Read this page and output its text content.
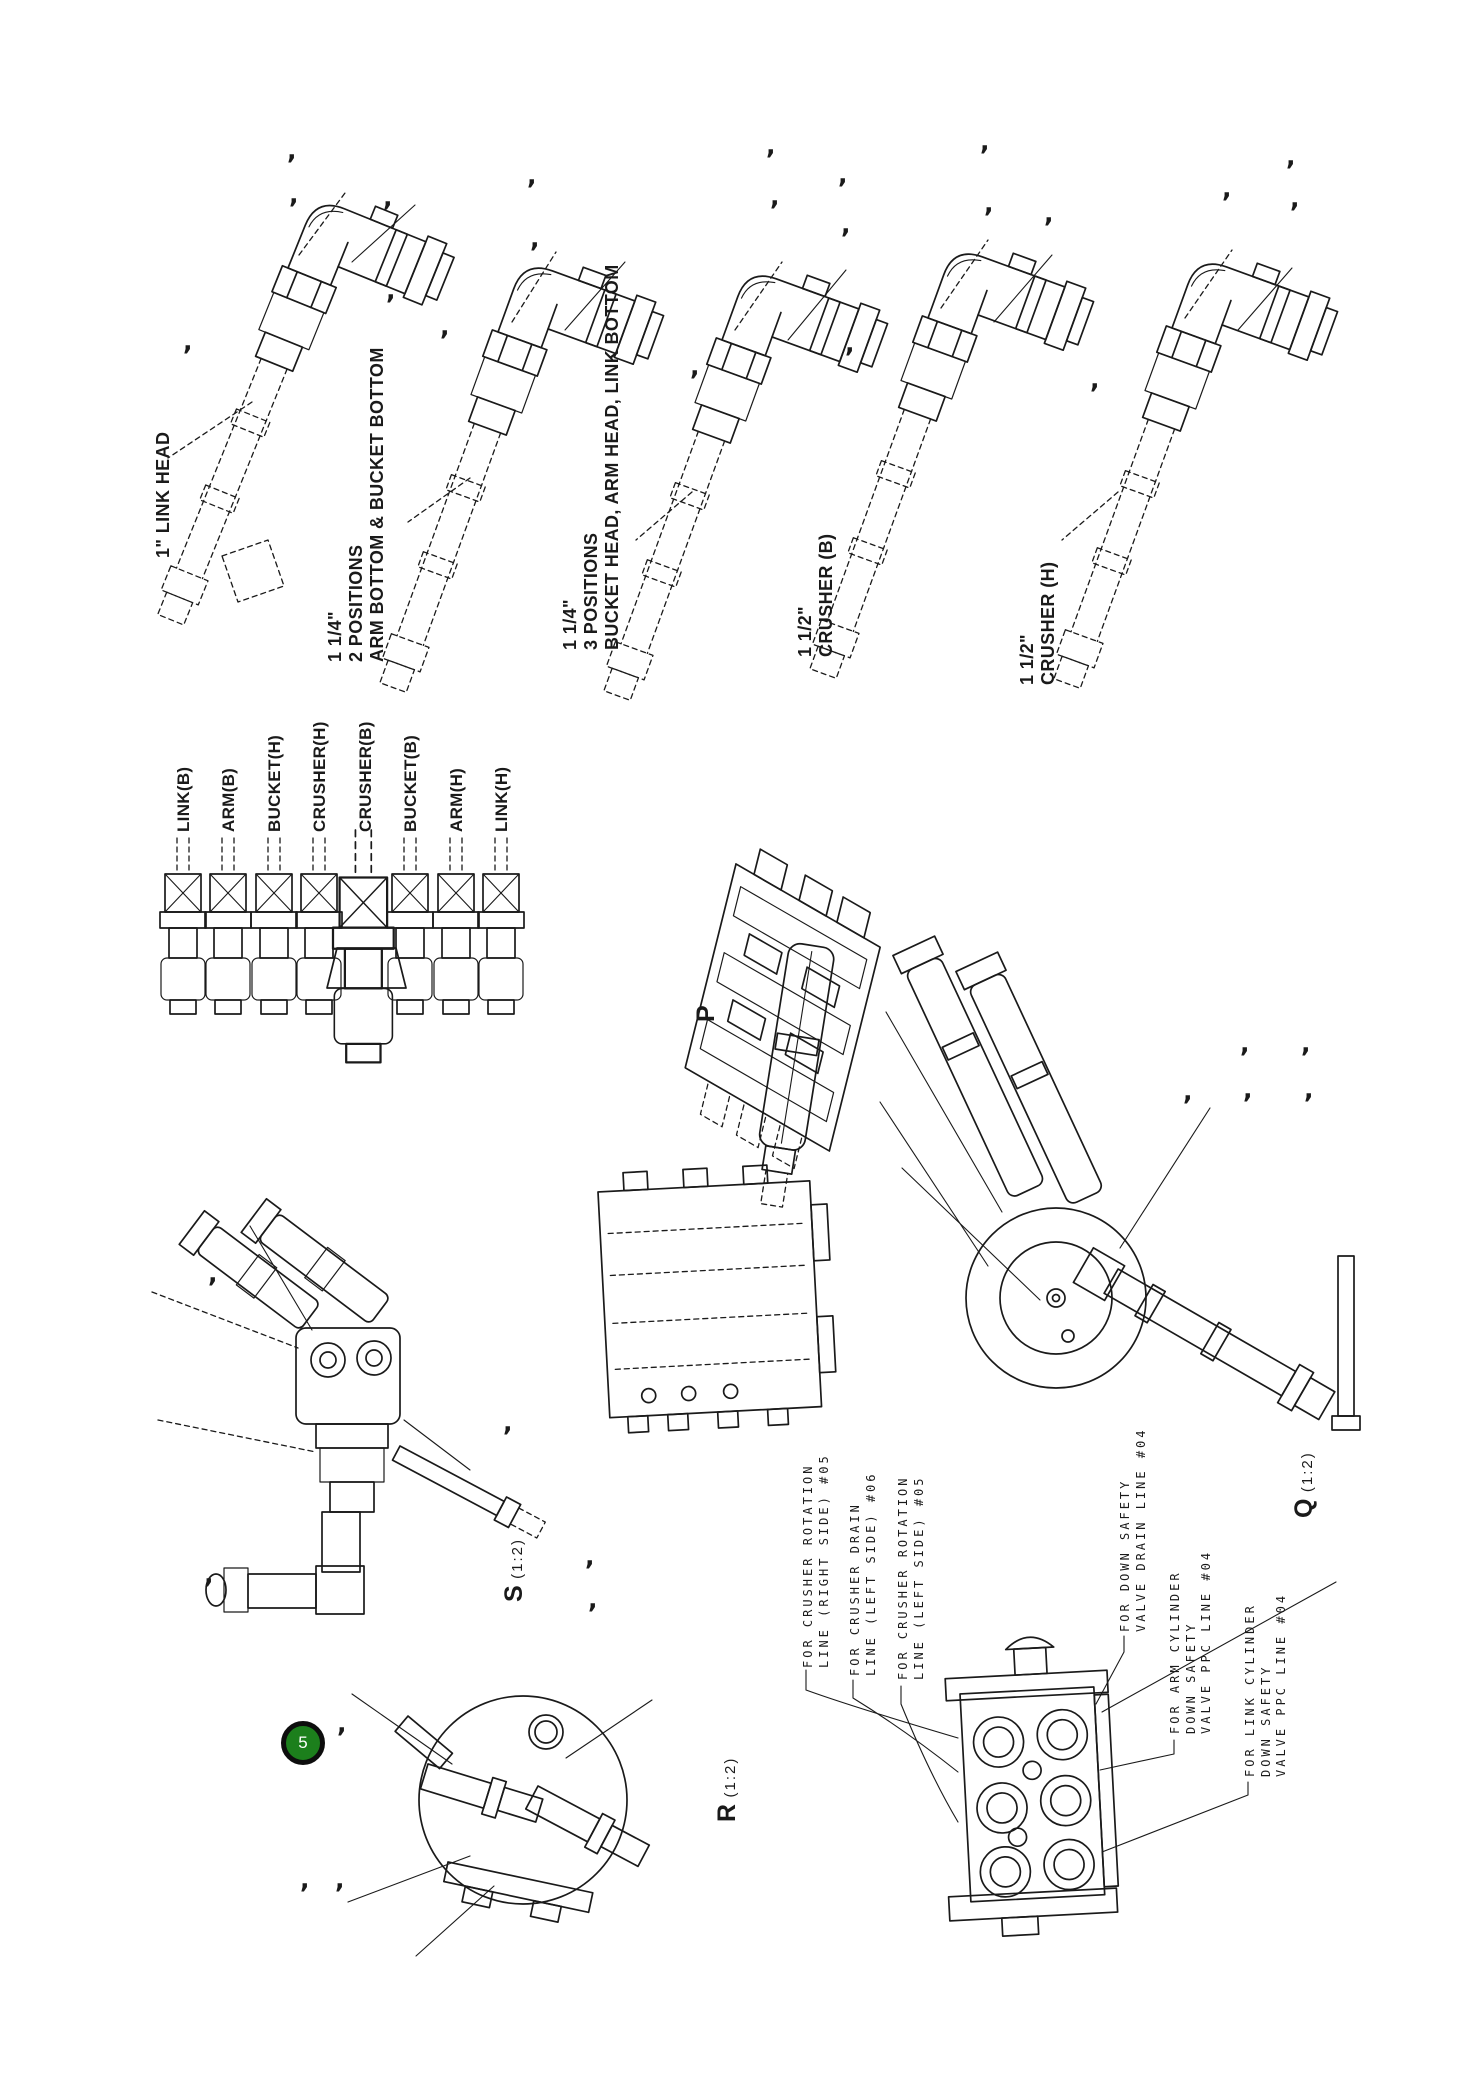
1" LINK HEAD
1 1/4" 2 POSITIONS ARM BOTTOM & BUCKET BOTTOM	1 1/4" 3 POSITIONS BUCKET HEAD, ARM HEAD, LINK BOTTOM	1 1/2" CRUSHER (B)
1 1/2" CRUSHER (H)
LINK(B) ARM(B) BUCKET(H) CRUSHER(H) CRUSHER(B) BUCKET(B) ARM(H) LINK(H)
P
S (1:2)
R (1:2)
Q (1:2)
FOR CRUSHER ROTATION LINE (RIGHT SIDE) #05 FOR CRUSHER DRAIN LINE (LEFT SIDE) #06 FOR CRUSHER ROTATION LINE (LEFT SIDE) #05	FOR DOWN SAFETY VALVE DRAIN LINE #04
FOR ARM CYLINDER DOWN SAFETY VALVE PPC LINE #04	FOR LINK CYLINDER DOWN SAFETY VALVE PPC LINE #04
5
,
,
,
,
,
,
,
,
,
,
,
, ,
,
,
,
,
,
,
,
,
, ,
, ,
,
,
,
,
, ,
,
,
,
